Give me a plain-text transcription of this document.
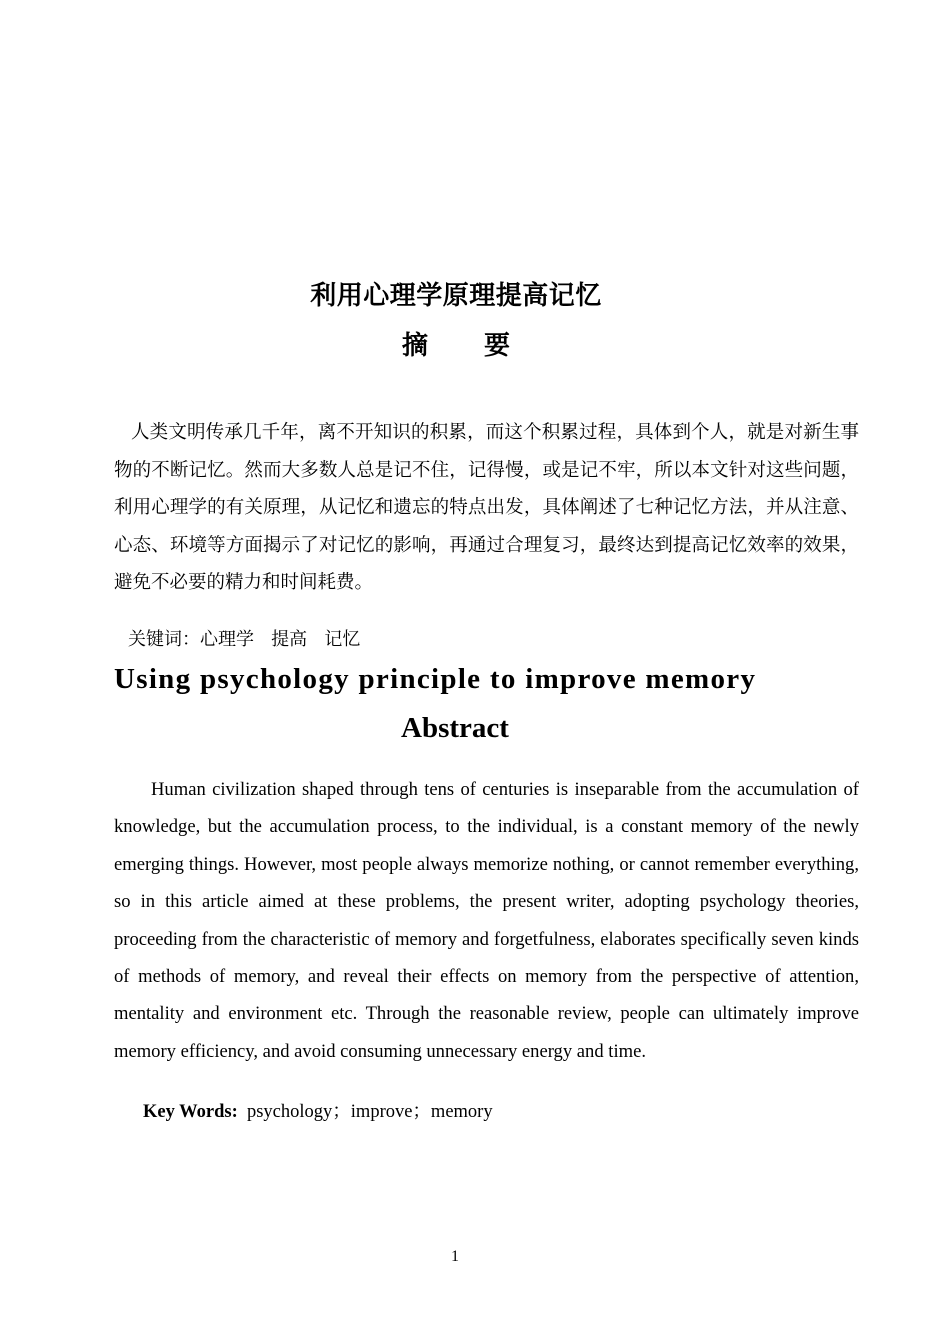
利用心理学原理提高记忆
摘要

人类文明传承几千年，离不开知识的积累，而这个积累过程，具体到个人，就是对新生事物的不断记忆。然而大多数人总是记不住，记得慢，或是记不牢，所以本文针对这些问题，利用心理学的有关原理，从记忆和遗忘的特点出发，具体阐述了七种记忆方法，并从注意、心态、环境等方面揭示了对记忆的影响，再通过合理复习，最终达到提高记忆效率的效果，避免不必要的精力和时间耗费。

关键词：心理学   提高   记忆
Using psychology principle to improve memory
Abstract

Human civilization shaped through tens of centuries is inseparable from the accumulation of knowledge, but the accumulation process, to the individual, is a constant memory of the newly emerging things. However, most people always memorize nothing, or cannot remember everything, so in this article aimed at these problems, the present writer, adopting psychology theories, proceeding from the characteristic of memory and forgetfulness, elaborates specifically seven kinds of methods of memory, and reveal their effects on memory from the perspective of attention, mentality and environment etc. Through the reasonable review, people can ultimately improve memory efficiency, and avoid consuming unnecessary energy and time.

Key Words: psychology；improve；memory
1
